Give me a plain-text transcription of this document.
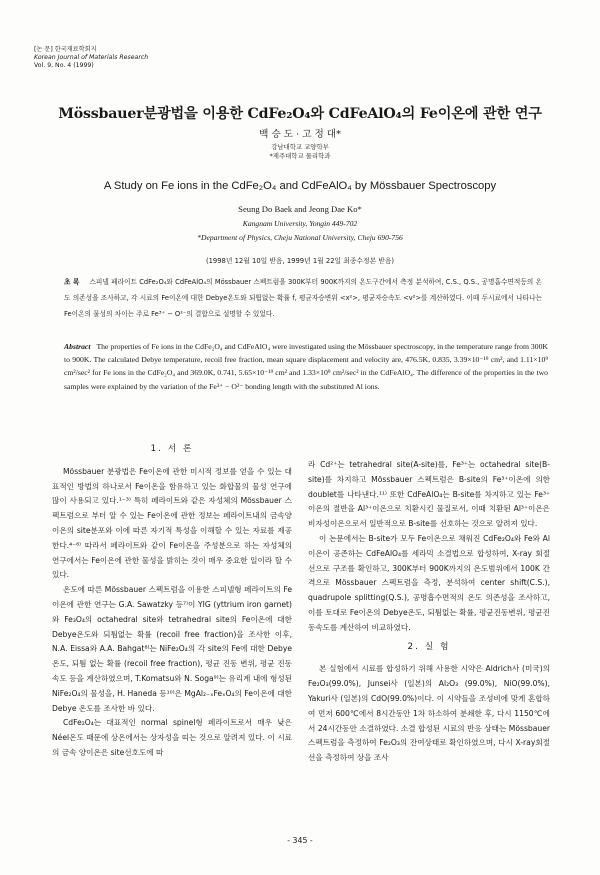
[논 문] 한국재료학회지
Korean Journal of Materials Research
Vol. 9, No. 4 (1999)
Mössbauer분광법을 이용한 CdFe₂O₄와 CdFeAlO₄의 Fe이온에 관한 연구
백 승 도 · 고 정 대*
강남대학교 교양학부
*제주대학교 물리학과
A Study on Fe ions in the CdFe₂O₄ and CdFeAlO₄ by Mössbauer Spectroscopy
Seung Do Baek and Jeong Dae Ko*
Kangnam University, Yongin 449-702
*Department of Physics, Cheju National University, Cheju 690-756
(1998년 12월 10일 받음, 1999년 1월 22일 최종수정본 받음)
초 록 스피넬 페라이트 CdFe₂O₄와 CdFeAlO₄의 Mössbauer 스펙트럼을 300K부터 900K까지의 온도구간에서 측정 분석하여, C.S., Q.S., 공명흡수면적등의 온도 의존성을 조사하고, 각 시료의 Fe이온에 대한 Debye온도와 되튐없는 확률 f, 평균자승변위 <x²>, 평균자승속도 <v²>를 계산하였다. 이때 두시료에서 나타나는 Fe이온의 물성의 차이는 주로 Fe³⁺ − O²⁻의 결합으로 설명할 수 있었다.
Abstract The properties of Fe ions in the CdFe₂O₄ and CdFeAlO₄ were investigated using the Mössbauer spectroscopy, in the temperature range from 300K to 900K. The calculated Debye temperature, recoil free fraction, mean square displacement and velocity are, 476.5K, 0.835, 3.39×10⁻¹⁹ cm², and 1.11×10⁹ cm²/sec² for Fe ions in the CdFe₂O₄ and 369.0K, 0.741, 5.65×10⁻¹⁹ cm² and 1.33×10⁹ cm²/sec² in the CdFeAlO₄. The difference of the properties in the two samples were explained by the variation of the Fe³⁺ − O²⁻ bonding length with the substituted Al ions.
1. 서 론

Mössbauer 분광법은 Fe이온에 관한 미시적 정보를 얻을 수 있는 대표적인 방법의 하나로서 Fe이온을 함유하고 있는 화합물의 물성 연구에 많이 사용되고 있다.¹⁻³⁾ 특히 페라이트와 같은 자성체의 Mössbauer 스펙트럼으로 부터 알 수 있는 Fe이온에 관한 정보는 페라이트내의 금속양이온의 site분포와 이에 따른 자기적 특성을 이해할 수 있는 자료를 제공한다.⁴⁻⁶⁾ 따라서 페라이트와 같이 Fe이온을 주성분으로 하는 자성체의 연구에서는 Fe이온에 관한 물성을 밝히는 것이 매우 중요한 일이라 할 수 있다.

온도에 따른 Mössbauer 스펙트럼을 이용한 스피넬형 페라이트의 Fe이온에 관한 연구는 G.A. Sawatzky 등⁷⁾이 YIG (yttrium iron garnet)와 Fe₃O₄의 octahedral site와 tetrahedral site의 Fe이온에 대한 Debye온도와 되튐없는 확률 (recoil free fraction)을 조사한 이후, N.A. Eissa와 A.A. Bahgat⁸⁾는 NiFe₂O₄의 각 site의 Fe에 대한 Debye 온도, 되튐 없는 확률 (recoil free fraction), 평균 진동 변위, 평균 진동 속도 등을 계산하였으며, T.Komatsu와 N. Soga⁹⁾는 유리계 내에 형성된 NiFe₂O₄의 물성을, H. Haneda 등¹⁰⁾은 MgAl₂₋ₓFeₓO₄의 Fe이온에 대한 Debye 온도를 조사한 바 있다.

CdFe₂O₄는 대표적인 normal spinel형 페라이트로서 매우 낮은 Néel온도 때문에 상온에서는 상자성을 띠는 것으로 알려져 있다. 이 시료의 금속 양이온은 site선호도에 따

라 Cd²⁺는 tetrahedral site(A-site)를, Fe³⁺는 octahedral site(B-site)를 차지하고 Mössbauer 스펙트럼은 B-site의 Fe³⁺이온에 의한 doublet를 나타낸다.¹¹⁾ 또한 CdFeAlO₄는 B-site를 차지하고 있는 Fe³⁺이온의 절반을 Al³⁺이온으로 치환시킨 물질로서, 이때 치환된 Al³⁺이온은 비자성이온으로서 일반적으로 B-site를 선호하는 것으로 알려져 있다.

이 논문에서는 B-site가 모두 Fe이온으로 채워진 CdFe₂O₄와 Fe와 Al이온이 공존하는 CdFeAlO₄를 세라믹 소결법으로 합성하여, X-ray 회절선으로 구조를 확인하고, 300K부터 900K까지의 온도범위에서 100K 간격으로 Mössbauer 스펙트럼을 측정, 분석하여 center shift(C.S.), quadrupole splitting(Q.S.), 공명흡수면적의 온도 의존성을 조사하고, 이를 토대로 Fe이온의 Debye온도, 되튐없는 확률, 평균진동변위, 평균진동속도를 계산하여 비교하였다.

2. 실 험

본 실험에서 시료를 합성하기 위해 사용한 시약은 Aldrich사 (미국)의 Fe₂O₃(99.0%), Junsei사 (일본)의 Al₂O₃ (99.0%), NiO(99.0%), Yakuri사 (일본)의 CdO(99.0%)이다. 이 시약들을 조성비에 맞게 혼합하여 먼저 600℃에서 8시간동안 1차 하소하여 분쇄한 후, 다시 1150℃에서 24시간동안 소결하였다. 소결 합성된 시료의 반응 상태는 Mössbauer스펙트럼을 측정하여 Fe₂O₃의 잔여상태로 확인하였으며, 다시 X-ray회절선을 측정하여 상을 조사

- 345 -
